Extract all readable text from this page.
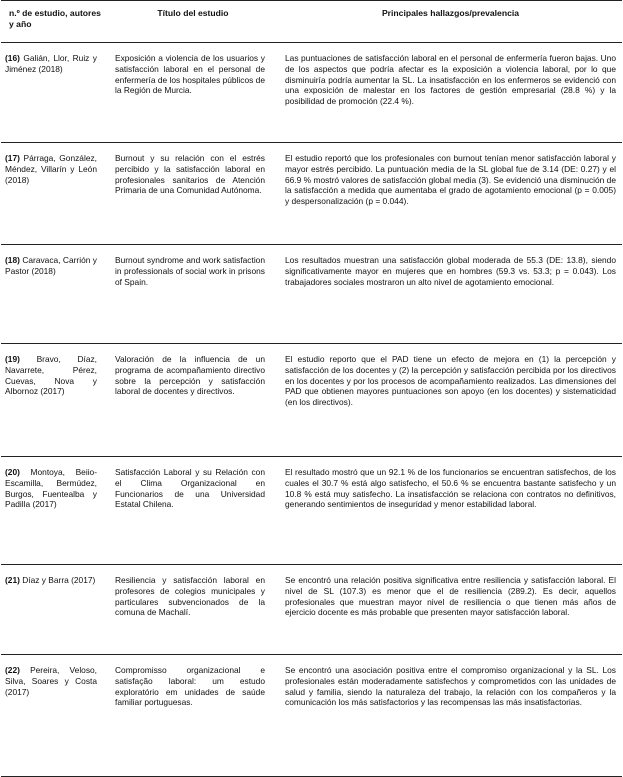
n.º de estudio, autores y año	Título del estudio	Principales hallazgos/prevalencia
(16) Galián, Llor, Ruiz y Jiménez (2018)	Exposición a violencia de los usuarios y satisfacción laboral en el personal de enfermería de los hospitales públicos de la Región de Murcia.	Las puntuaciones de satisfacción laboral en el personal de enfermería fueron bajas. Uno de los aspectos que podría afectar es la exposición a violencia laboral, por lo que disminuiría podría aumentar la SL. La insatisfacción en los enfermeros se evidenció con una exposición de malestar en los factores de gestión empresarial (28.8 %) y la posibilidad de promoción (22.4 %).
(17) Párraga, González, Méndez, Villarín y León (2018)	Burnout y su relación con el estrés percibido y la satisfacción laboral en profesionales sanitarios de Atención Primaria de una Comunidad Autónoma.	El estudio reportó que los profesionales con burnout tenían menor satisfacción laboral y mayor estrés percibido. La puntuación media de la SL global fue de 3.14 (DE: 0.27) y el 66.9 % mostró valores de satisfacción global media (3). Se evidenció una disminución de la satisfacción a medida que aumentaba el grado de agotamiento emocional (p = 0.005) y despersonalización (p = 0.044).
(18) Caravaca, Carrión y Pastor (2018)	Burnout syndrome and work satisfaction in professionals of social work in prisons of Spain.	Los resultados muestran una satisfacción global moderada de 55.3 (DE: 13.8), siendo significativamente mayor en mujeres que en hombres (59.3 vs. 53.3; p = 0.043). Los trabajadores sociales mostraron un alto nivel de agotamiento emocional.
(19) Bravo, Díaz, Navarrete, Pérez, Cuevas, Nova y Albornoz (2017)	Valoración de la influencia de un programa de acompañamiento directivo sobre la percepción y satisfacción laboral de docentes y directivos.	El estudio reporto que el PAD tiene un efecto de mejora en (1) la percepción y satisfacción de los docentes y (2) la percepción y satisfacción percibida por los directivos en los docentes y por los procesos de acompañamiento realizados. Las dimensiones del PAD que obtienen mayores puntuaciones son apoyo (en los docentes) y sistematicidad (en los directivos).
(20) Montoya, Beiio-Escamilla, Bermúdez, Burgos, Fuentealba y Padilla (2017)	Satisfacción Laboral y su Relación con el Clima Organizacional en Funcionarios de una Universidad Estatal Chilena.	El resultado mostró que un 92.1 % de los funcionarios se encuentran satisfechos, de los cuales el 30.7 % está algo satisfecho, el 50.6 % se encuentra bastante satisfecho y un 10.8 % está muy satisfecho. La insatisfacción se relaciona con contratos no definitivos, generando sentimientos de inseguridad y menor estabilidad laboral.
(21) Díaz y Barra (2017)	Resiliencia y satisfacción laboral en profesores de colegios municipales y particulares subvencionados de la comuna de Machalí.	Se encontró una relación positiva significativa entre resiliencia y satisfacción laboral. El nivel de SL (107.3) es menor que el de resiliencia (289.2). Es decir, aquellos profesionales que muestran mayor nivel de resiliencia o que tienen más años de ejercicio docente es más probable que presenten mayor satisfacción laboral.
(22) Pereira, Veloso, Silva, Soares y Costa (2017)	Compromisso organizacional e satisfação laboral: um estudo exploratório em unidades de saúde familiar portuguesas.	Se encontró una asociación positiva entre el compromiso organizacional y la SL. Los profesionales están moderadamente satisfechos y comprometidos con las unidades de salud y familia, siendo la naturaleza del trabajo, la relación con los compañeros y la comunicación los más satisfactorios y las recompensas las más insatisfactorias.
